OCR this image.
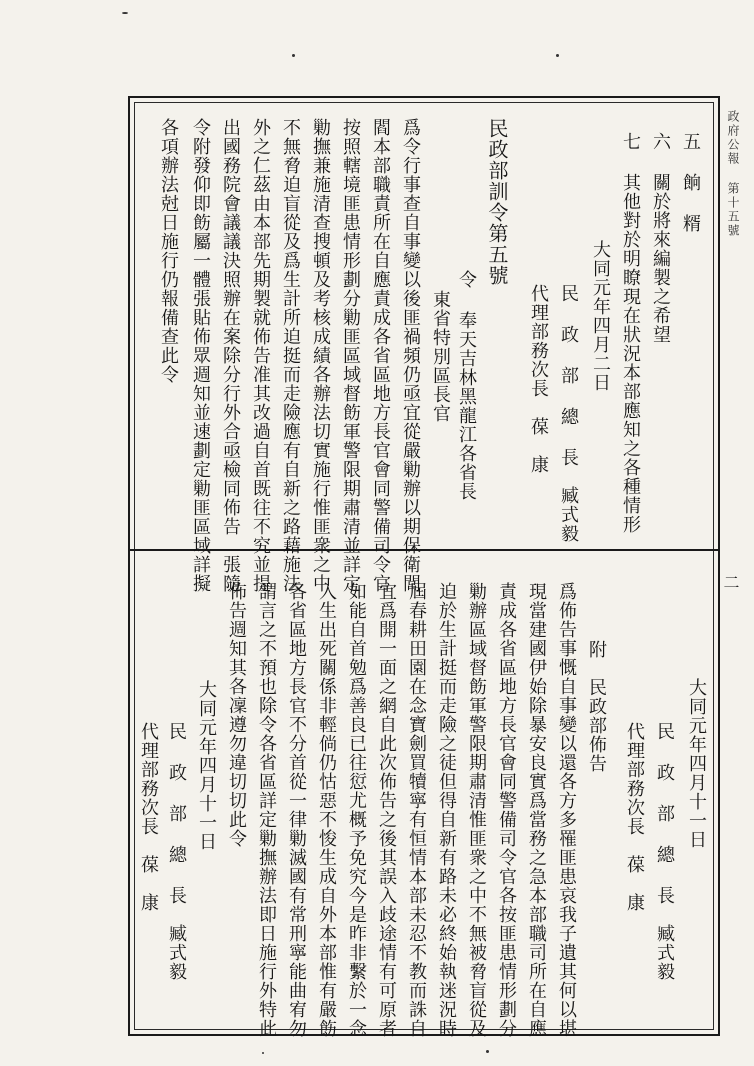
政府公報 第十五號
二
五 餉 糈
六 關於將來編製之希望
七 其他對於明瞭現在狀況本部應知之各種情形
大同元年四月二日
民 政 部 總 長　臧式毅
代理部務次長　葆　康
民政部訓令第五號
令 奉天吉林黑龍江各省長
東省特別區長官
爲令行事查自事變以後匪禍頻仍亟宜從嚴勦辦以期保衛閭
閻本部職責所在自應責成各省區地方長官會同警備司令官
按照轄境匪患情形劃分勦匪區域督飭軍警限期肅清並詳定
勦撫兼施清查搜頓及考核成績各辦法切實施行惟匪衆之中
不無脅迫盲從及爲生計所迫挺而走險應有自新之路藉施法
外之仁茲由本部先期製就佈告准其改過自首既往不究並提
出國務院會議議決照辦在案除分行外合亟檢同佈告　張隨
令附發仰即飭屬一體張貼佈眾週知並速劃定勦匪區域詳擬
各項辦法尅日施行仍報備查此令
大同元年四月十一日
民 政 部 總 長　臧式毅
代理部務次長　葆　康
附　民政部佈告
爲佈告事慨自事變以還各方多罹匪患哀我子遺其何以堪
現當建國伊始除暴安良實爲當務之急本部職司所在自應
責成各省區地方長官會同警備司令官各按匪患情形劃分
勦辦區域督飭軍警限期肅清惟匪衆之中不無被脅盲從及
迫於生計挺而走險之徒但得自新有路未必終始執迷況時
屆春耕田園在念寶劍買犢寧有恒情本部未忍不教而誅自
宜爲開一面之網自此次佈告之後其誤入歧途情有可原者
如能自首勉爲善良已往愆尤概予免究今是昨非繫於一念
入生出死關係非輕倘仍怙惡不悛生成自外本部惟有嚴飭
各省區地方長官不分首從一律勦滅國有常刑寧能曲宥勿
謂言之不預也除令各省區詳定勦撫辦法即日施行外特此
佈告週知其各凜遵勿違切切此令
大同元年四月十一日
民 政 部 總 長　臧式毅
代理部務次長　葆　康
